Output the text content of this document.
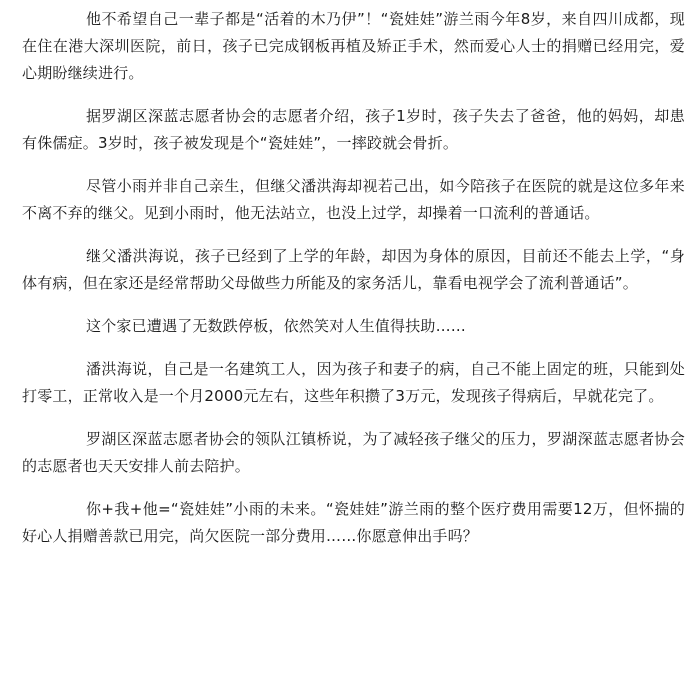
他不希望自己一辈子都是“活着的木乃伊”！“瓷娃娃”游兰雨今年8岁，来自四川成都，现在住在港大深圳医院，前日，孩子已完成钢板再植及矫正手术，然而爱心人士的捐赠已经用完，爱心期盼继续进行。

据罗湖区深蓝志愿者协会的志愿者介绍，孩子1岁时，孩子失去了爸爸，他的妈妈，却患有侏儒症。3岁时，孩子被发现是个“瓷娃娃”，一摔跤就会骨折。

尽管小雨并非自己亲生，但继父潘洪海却视若己出，如今陪孩子在医院的就是这位多年来不离不弃的继父。见到小雨时，他无法站立，也没上过学，却操着一口流利的普通话。

继父潘洪海说，孩子已经到了上学的年龄，却因为身体的原因，目前还不能去上学，“身体有病，但在家还是经常帮助父母做些力所能及的家务活儿，靠看电视学会了流利普通话”。

这个家已遭遇了无数跌停板，依然笑对人生值得扶助……

潘洪海说，自己是一名建筑工人，因为孩子和妻子的病，自己不能上固定的班，只能到处打零工，正常收入是一个月2000元左右，这些年积攒了3万元，发现孩子得病后，早就花完了。

罗湖区深蓝志愿者协会的领队江镇桥说，为了减轻孩子继父的压力，罗湖深蓝志愿者协会的志愿者也天天安排人前去陪护。

你+我+他=“瓷娃娃”小雨的未来。“瓷娃娃”游兰雨的整个医疗费用需要12万，但怀揣的好心人捐赠善款已用完，尚欠医院一部分费用……你愿意伸出手吗？
